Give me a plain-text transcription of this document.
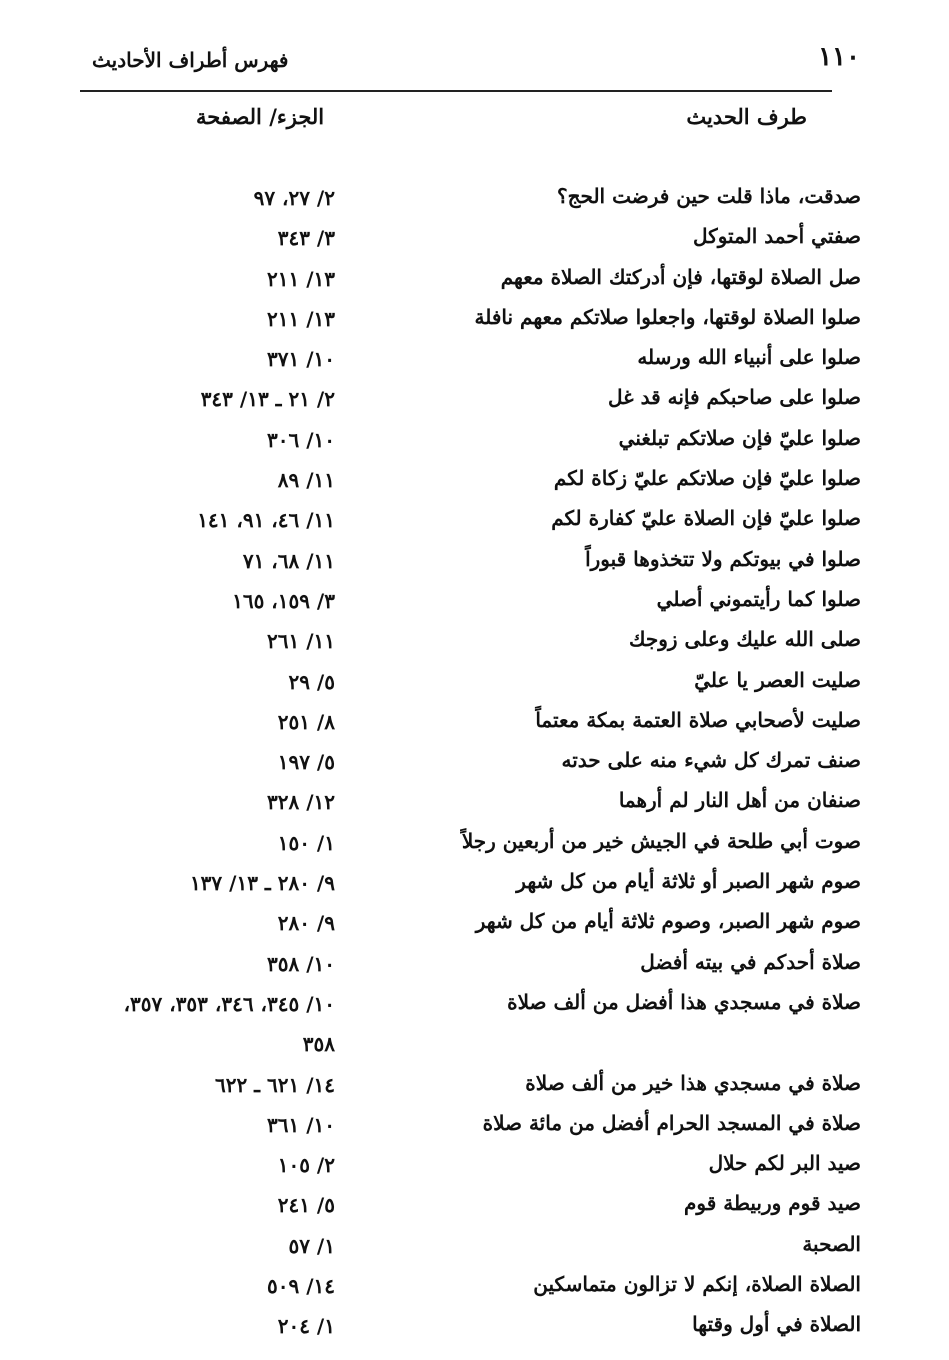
١١٠
فهرس أطراف الأحاديث
طرف الحديث
الجزء/ الصفحة
صدقت، ماذا قلت حين فرضت الحج؟
٢/ ٢٧، ٩٧
صفتي أحمد المتوكل
٣/ ٣٤٣
صل الصلاة لوقتها، فإن أدركتك الصلاة معهم
١٣/ ٢١١
صلوا الصلاة لوقتها، واجعلوا صلاتكم معهم نافلة
١٣/ ٢١١
صلوا على أنبياء الله ورسله
١٠/ ٣٧١
صلوا على صاحبكم فإنه قد غل
٢/ ٢١ ـ ١٣/ ٣٤٣
صلوا عليّ فإن صلاتكم تبلغني
١٠/ ٣٠٦
صلوا عليّ فإن صلاتكم عليّ زكاة لكم
١١/ ٨٩
صلوا عليّ فإن الصلاة عليّ كفارة لكم
١١/ ٤٦، ٩١، ١٤١
صلوا في بيوتكم ولا تتخذوها قبوراً
١١/ ٦٨، ٧١
صلوا كما رأيتموني أصلي
٣/ ١٥٩، ١٦٥
صلى الله عليك وعلى زوجك
١١/ ٢٦١
صليت العصر يا عليّ
٥/ ٢٩
صليت لأصحابي صلاة العتمة بمكة معتماً
٨/ ٢٥١
صنف تمرك كل شيء منه على حدته
٥/ ١٩٧
صنفان من أهل النار لم أرهما
١٢/ ٣٢٨
صوت أبي طلحة في الجيش خير من أربعين رجلاً
١/ ١٥٠
صوم شهر الصبر أو ثلاثة أيام من كل شهر
٩/ ٢٨٠ ـ ١٣/ ١٣٧
صوم شهر الصبر، وصوم ثلاثة أيام من كل شهر
٩/ ٢٨٠
صلاة أحدكم في بيته أفضل
١٠/ ٣٥٨
صلاة في مسجدي هذا أفضل من ألف صلاة
١٠/ ٣٤٥، ٣٤٦، ٣٥٣، ٣٥٧، ٣٥٨
صلاة في مسجدي هذا خير من ألف صلاة
١٤/ ٦٢١ ـ ٦٢٢
صلاة في المسجد الحرام أفضل من مائة صلاة
١٠/ ٣٦١
صيد البر لكم حلال
٢/ ١٠٥
صيد قوم وربيطة قوم
٥/ ٢٤١
الصحبة
١/ ٥٧
الصلاة الصلاة، إنكم لا تزالون متماسكين
١٤/ ٥٠٩
الصلاة في أول وقتها
١/ ٢٠٤
